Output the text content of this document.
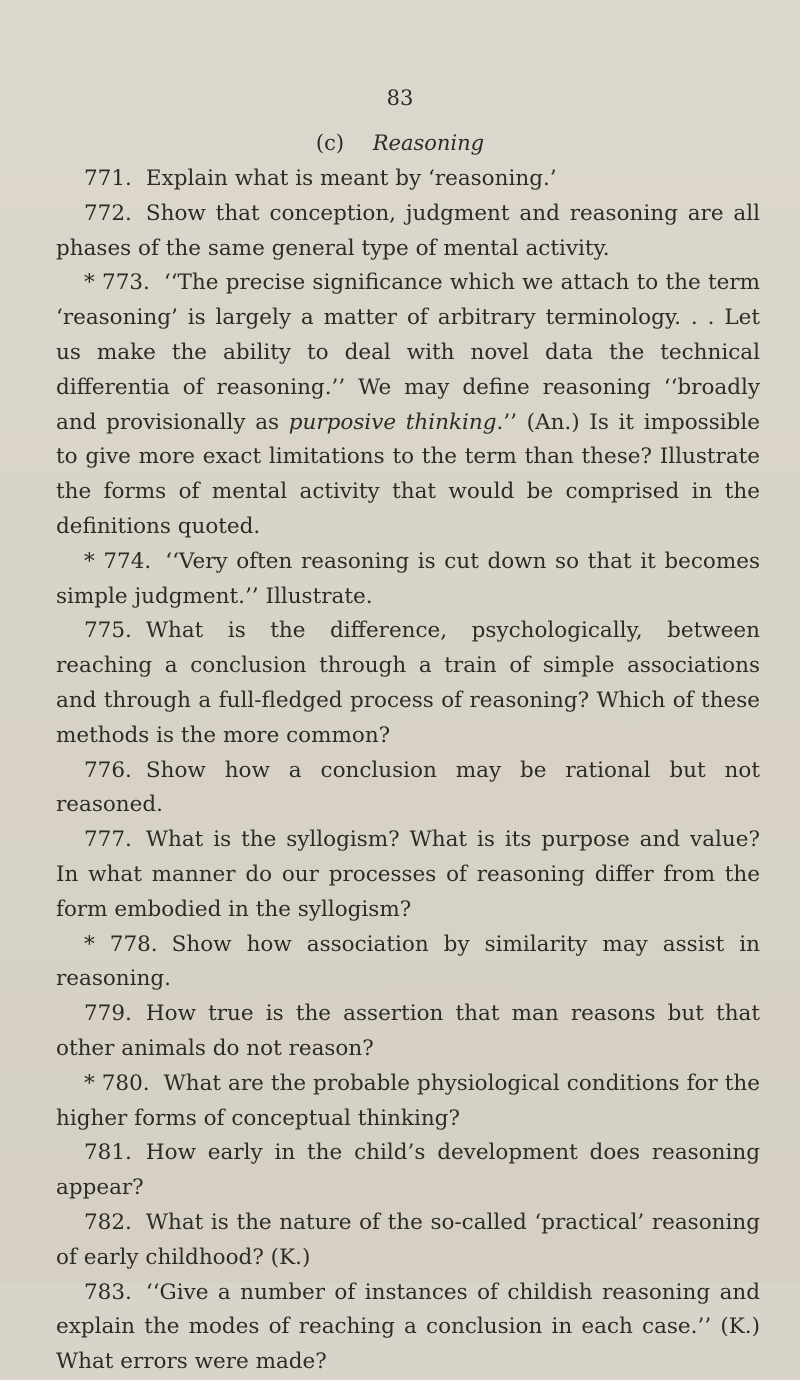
83
(c) Reasoning

771. Explain what is meant by ‘reasoning.’

772. Show that conception, judgment and reasoning are all phases of the same general type of mental activity.

* 773. ‘‘The precise significance which we attach to the term ‘reasoning’ is largely a matter of arbitrary terminology. . . Let us make the ability to deal with novel data the technical differentia of reasoning.’’ We may define reasoning ‘‘broadly and provisionally as purposive thinking.’’ (An.) Is it impossible to give more exact limitations to the term than these? Illustrate the forms of mental activity that would be comprised in the definitions quoted.

* 774. ‘‘Very often reasoning is cut down so that it becomes simple judgment.’’ Illustrate.

775. What is the difference, psychologically, between reaching a conclusion through a train of simple associations and through a full-fledged process of reasoning? Which of these methods is the more common?

776. Show how a conclusion may be rational but not reasoned.

777. What is the syllogism? What is its purpose and value? In what manner do our processes of reasoning differ from the form embodied in the syllogism?

* 778. Show how association by similarity may assist in reasoning.

779. How true is the assertion that man reasons but that other animals do not reason?

* 780. What are the probable physiological conditions for the higher forms of conceptual thinking?

781. How early in the child’s development does reasoning appear?

782. What is the nature of the so-called ‘practical’ reasoning of early childhood? (K.)

783. ‘‘Give a number of instances of childish reasoning and explain the modes of reaching a conclusion in each case.’’ (K.) What errors were made?
